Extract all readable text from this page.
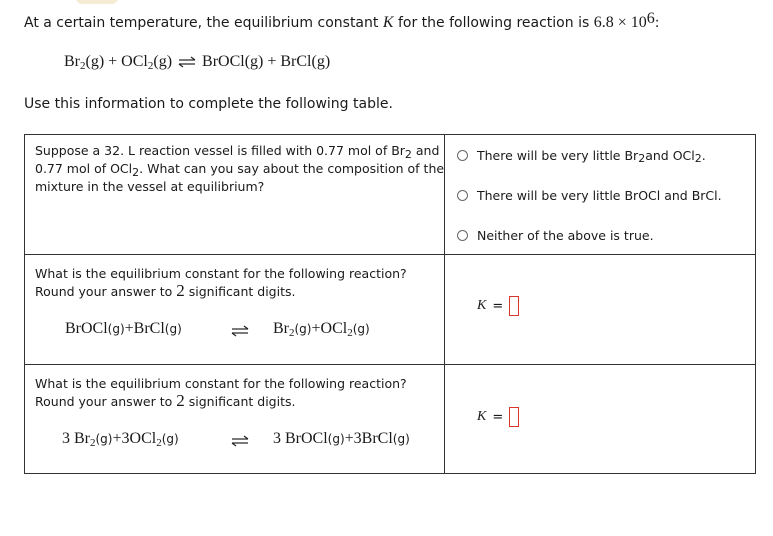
At a certain temperature, the equilibrium constant K for the following reaction is $6.8 \times 10^6$:
$Br_2(g) + OCl_2(g)$ ⇌ BrOCl(g) + BrCl(g)
Use this information to complete the following table.
Suppose a 32. L reaction vessel is filled with 0.77 mol of $Br_2$ and
0.77 mol of OCl$_2$. What can you say about the composition of the
mixture in the vessel at equilibrium?
There will be very little $Br_2$ and OCl$_2$ .
There will be very little BrOCl and BrCl.
Neither of the above is true.
What is the equilibrium constant for the following reaction?
Round your answer to 2 significant digits.
BrOCl(g)+BrCl(g)	⇌ $Br_2(g)+OCl_2(g)$
K =
What is the equilibrium constant for the following reaction?
Round your answer to 2 significant digits.
3 $Br_2(g)+3OCl_2(g)$	⇌ 3 BrOCl(g)+3BrCl(g)
K =
